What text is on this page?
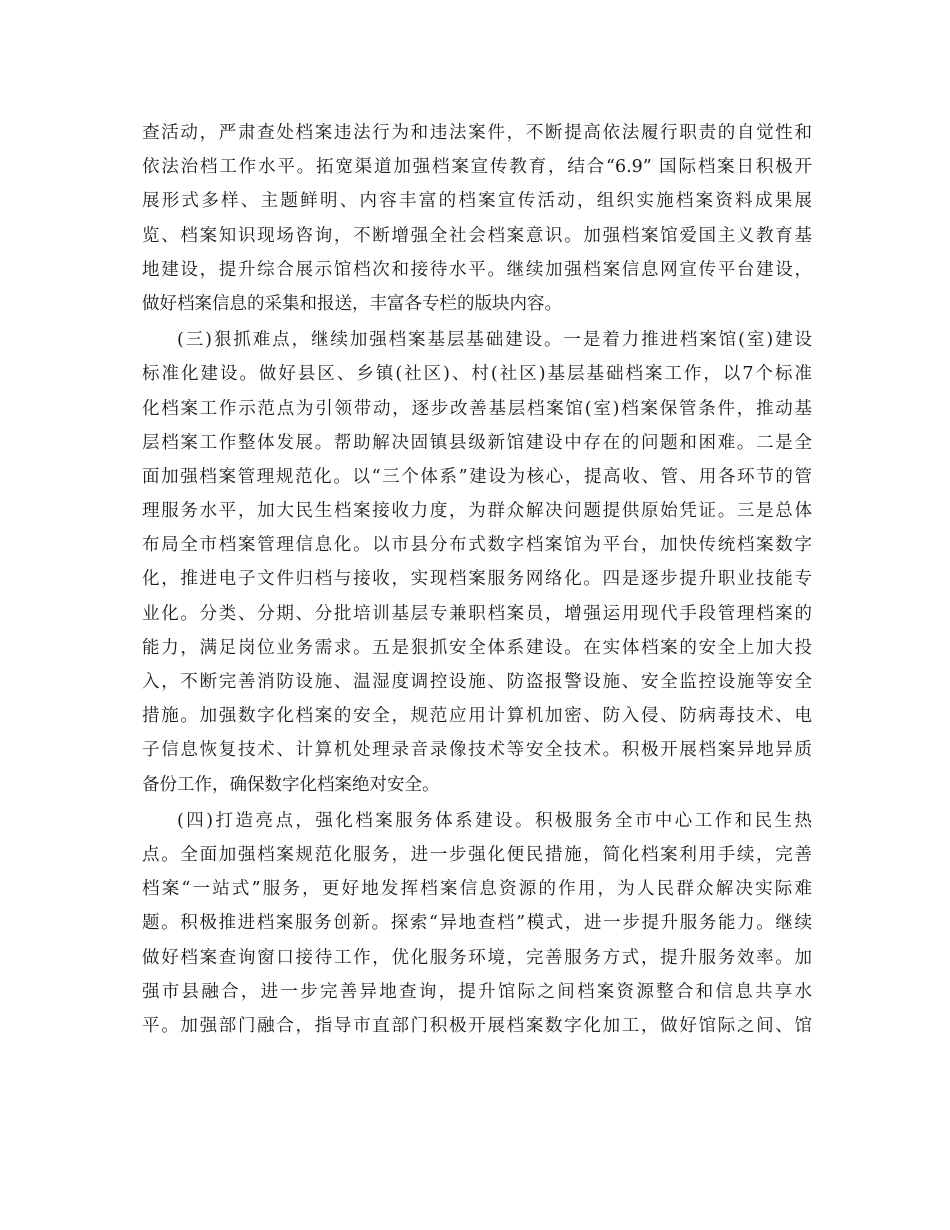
查活动，严肃查处档案违法行为和违法案件，不断提高依法履行职责的自觉性和
依法治档工作水平。拓宽渠道加强档案宣传教育，结合“6.9” 国际档案日积极开
展形式多样、主题鲜明、内容丰富的档案宣传活动，组织实施档案资料成果展
览、档案知识现场咨询，不断增强全社会档案意识。加强档案馆爱国主义教育基
地建设，提升综合展示馆档次和接待水平。继续加强档案信息网宣传平台建设，
做好档案信息的采集和报送，丰富各专栏的版块内容。
(三)狠抓难点，继续加强档案基层基础建设。一是着力推进档案馆(室)建设
标准化建设。做好县区、乡镇(社区)、村(社区)基层基础档案工作，以7个标准
化档案工作示范点为引领带动，逐步改善基层档案馆(室)档案保管条件，推动基
层档案工作整体发展。帮助解决固镇县级新馆建设中存在的问题和困难。二是全
面加强档案管理规范化。以“三个体系”建设为核心，提高收、管、用各环节的管
理服务水平，加大民生档案接收力度，为群众解决问题提供原始凭证。三是总体
布局全市档案管理信息化。以市县分布式数字档案馆为平台，加快传统档案数字
化，推进电子文件归档与接收，实现档案服务网络化。四是逐步提升职业技能专
业化。分类、分期、分批培训基层专兼职档案员，增强运用现代手段管理档案的
能力，满足岗位业务需求。五是狠抓安全体系建设。在实体档案的安全上加大投
入，不断完善消防设施、温湿度调控设施、防盗报警设施、安全监控设施等安全
措施。加强数字化档案的安全，规范应用计算机加密、防入侵、防病毒技术、电
子信息恢复技术、计算机处理录音录像技术等安全技术。积极开展档案异地异质
备份工作，确保数字化档案绝对安全。
(四)打造亮点，强化档案服务体系建设。积极服务全市中心工作和民生热
点。全面加强档案规范化服务，进一步强化便民措施，简化档案利用手续，完善
档案“一站式”服务，更好地发挥档案信息资源的作用，为人民群众解决实际难
题。积极推进档案服务创新。探索“异地查档”模式，进一步提升服务能力。继续
做好档案查询窗口接待工作，优化服务环境，完善服务方式，提升服务效率。加
强市县融合，进一步完善异地查询，提升馆际之间档案资源整合和信息共享水
平。加强部门融合，指导市直部门积极开展档案数字化加工，做好馆际之间、馆
